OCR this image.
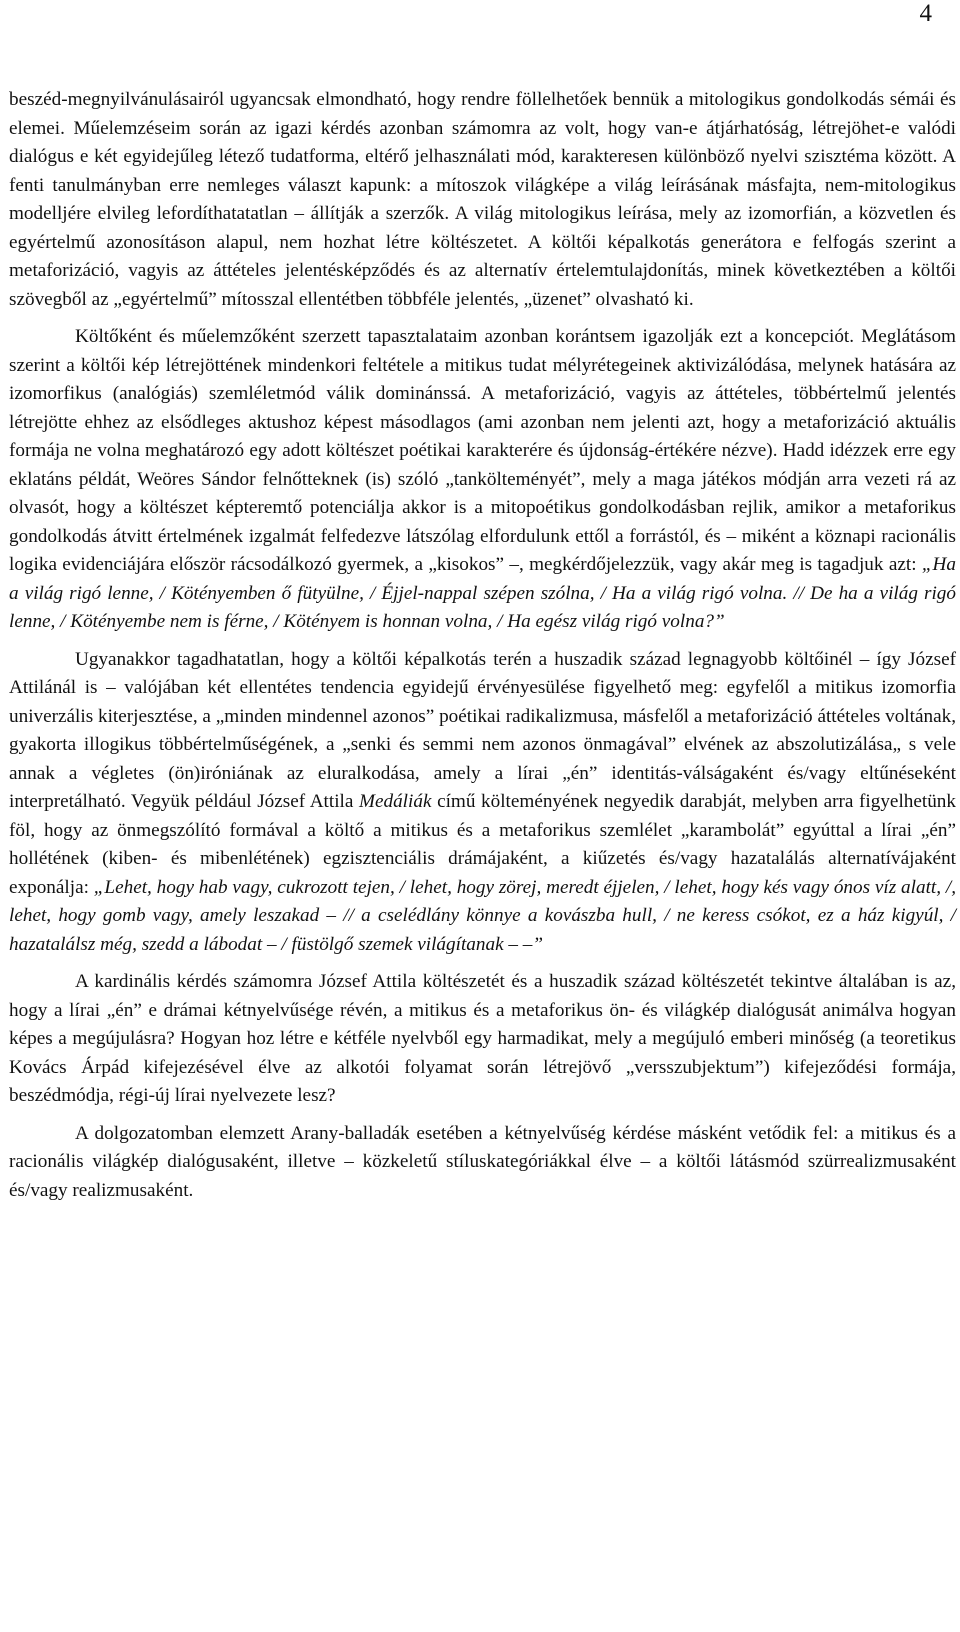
4

beszéd-megnyilvánulásairól ugyancsak elmondható, hogy rendre föllelhetőek bennük a mitologikus gondolkodás sémái és elemei. Műelemzéseim során az igazi kérdés azonban számomra az volt, hogy van-e átjárhatóság, létrejöhet-e valódi dialógus e két egyidejűleg létező tudatforma, eltérő jelhasználati mód, karakteresen különböző nyelvi szisztéma között. A fenti tanulmányban erre nemleges választ kapunk: a mítoszok világképe a világ leírásának másfajta, nem-mitologikus modelljére elvileg lefordíthatatatlan – állítják a szerzők. A világ mitologikus leírása, mely az izomorfián, a közvetlen és egyértelmű azonosításon alapul, nem hozhat létre költészetet. A költői képalkotás generátora e felfogás szerint a metaforizáció, vagyis az áttételes jelentésképződés és az alternatív értelemtulajdonítás, minek következtében a költői szövegből az „egyértelmű” mítosszal ellentétben többféle jelentés, „üzenet” olvasható ki.

Költőként és műelemzőként szerzett tapasztalataim azonban korántsem igazolják ezt a koncepciót. Meglátásom szerint a költői kép létrejöttének mindenkori feltétele a mitikus tudat mélyrétegeinek aktivizálódása, melynek hatására az izomorfikus (analógiás) szemléletmód válik dominánssá. A metaforizáció, vagyis az áttételes, többértelmű jelentés létrejötte ehhez az elsődleges aktushoz képest másodlagos (ami azonban nem jelenti azt, hogy a metaforizáció aktuális formája ne volna meghatározó egy adott költészet poétikai karakterére és újdonság-értékére nézve). Hadd idézzek erre egy eklatáns példát, Weöres Sándor felnőtteknek (is) szóló „tankölteményét”, mely a maga játékos módján arra vezeti rá az olvasót, hogy a költészet képteremtő potenciálja akkor is a mitopoétikus gondolkodásban rejlik, amikor a metaforikus gondolkodás átvitt értelmének izgalmát felfedezve látszólag elfordulunk ettől a forrástól, és – miként a köznapi racionális logika evidenciájára először rácsodálkozó gyermek, a „kisokos” –, megkérdőjelezzük, vagy akár meg is tagadjuk azt: „Ha a világ rigó lenne, / Kötényemben ő fütyülne, / Éjjel-nappal szépen szólna, / Ha a világ rigó volna. // De ha a világ rigó lenne, / Kötényembe nem is férne, / Kötényem is honnan volna, / Ha egész világ rigó volna?”

Ugyanakkor tagadhatatlan, hogy a költői képalkotás terén a huszadik század legnagyobb költőinél – így József Attilánál is – valójában két ellentétes tendencia egyidejű érvényesülése figyelhető meg: egyfelől a mitikus izomorfia univerzális kiterjesztése, a „minden mindennel azonos” poétikai radikalizmusa, másfelől a metaforizáció áttételes voltának, gyakorta illogikus többértelműségének, a „senki és semmi nem azonos önmagával” elvének az abszolutizálása„ s vele annak a végletes (ön)iróniának az eluralkodása, amely a lírai „én” identitás-válságaként és/vagy eltűnéseként interpretálható. Vegyük például József Attila Medáliák című költeményének negyedik darabját, melyben arra figyelhetünk föl, hogy az önmegszólító formával a költő a mitikus és a metaforikus szemlélet „karambolát” egyúttal a lírai „én” hollétének (kiben- és mibenlétének) egzisztenciális drámájaként, a kiűzetés és/vagy hazatalálás alternatívájaként exponálja: „Lehet, hogy hab vagy, cukrozott tejen, / lehet, hogy zörej, meredt éjjelen, / lehet, hogy kés vagy ónos víz alatt, /, lehet, hogy gomb vagy, amely leszakad – // a cselédlány könnye a kovászba hull, / ne keress csókot, ez a ház kigyúl, / hazatalálsz még, szedd a lábodat – / füstölgő szemek világítanak – –”

A kardinális kérdés számomra József Attila költészetét és a huszadik század költészetét tekintve általában is az, hogy a lírai „én” e drámai kétnyelvűsége révén, a mitikus és a metaforikus ön- és világkép dialógusát animálva hogyan képes a megújulásra? Hogyan hoz létre e kétféle nyelvből egy harmadikat, mely a megújuló emberi minőség (a teoretikus Kovács Árpád kifejezésével élve az alkotói folyamat során létrejövő „versszubjektum”) kifejeződési formája, beszédmódja, régi-új lírai nyelvezete lesz?

A dolgozatomban elemzett Arany-balladák esetében a kétnyelvűség kérdése másként vetődik fel: a mitikus és a racionális világkép dialógusaként, illetve – közkeletű stíluskategóriákkal élve – a költői látásmód szürrealizmusaként és/vagy realizmusaként.
